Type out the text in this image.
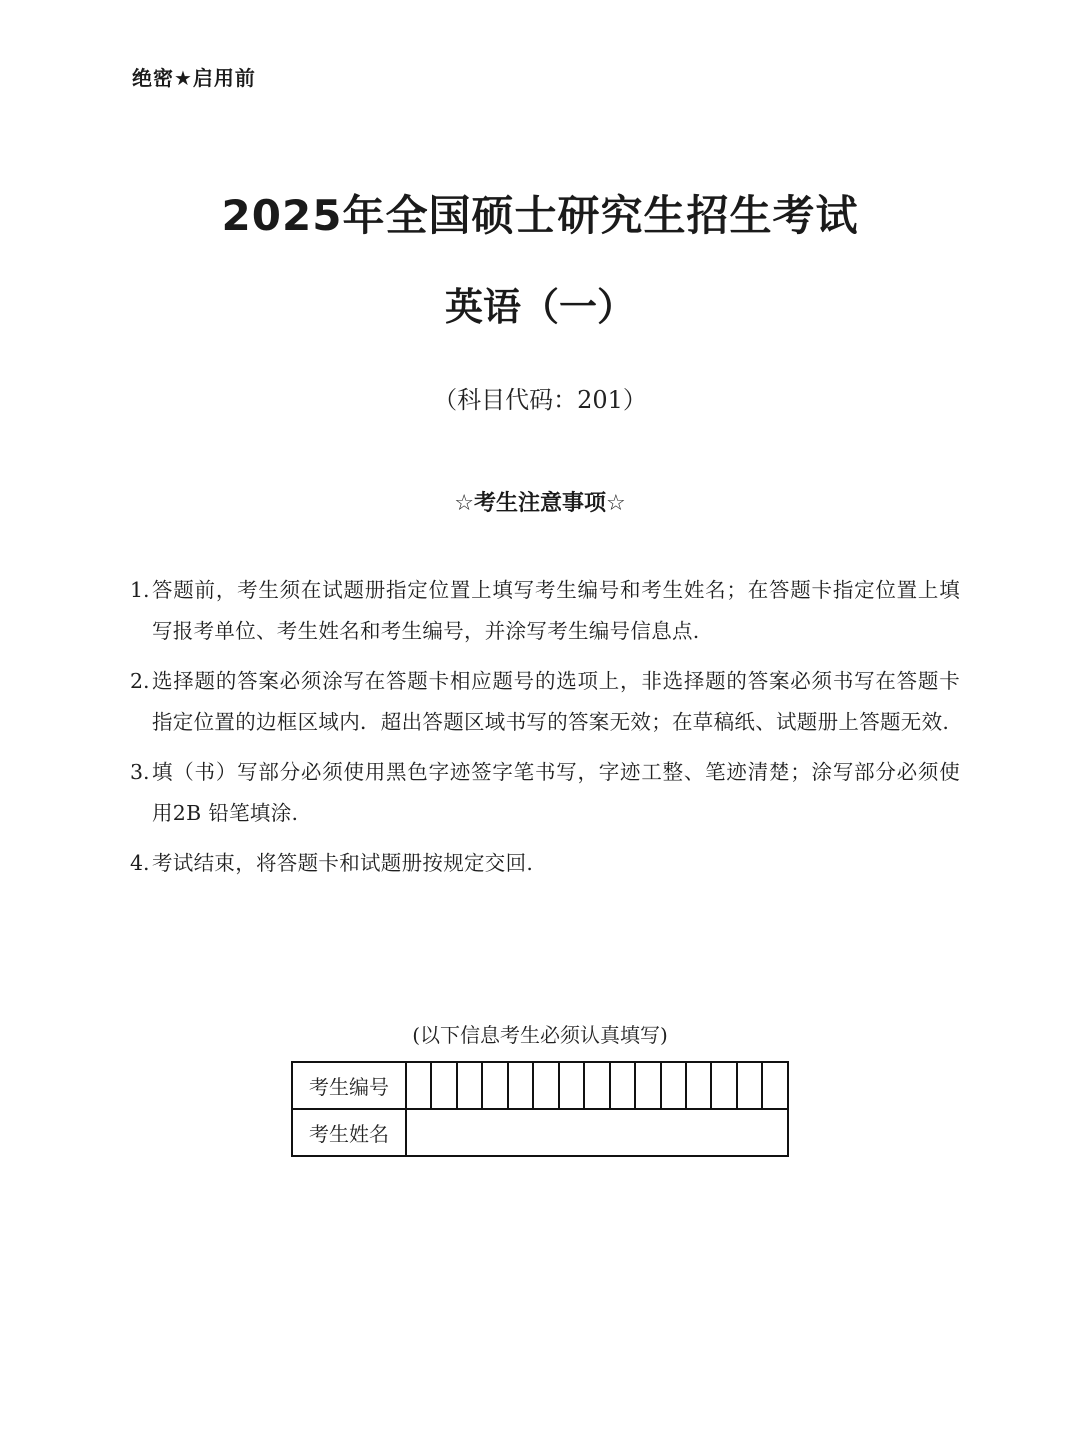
绝密★启用前
2025年全国硕士研究生招生考试
英语（一）
（科目代码：201）
☆考生注意事项☆
1. 答题前，考生须在试题册指定位置上填写考生编号和考生姓名；在答题卡指定位置上填写报考单位、考生姓名和考生编号，并涂写考生编号信息点.
2. 选择题的答案必须涂写在答题卡相应题号的选项上，非选择题的答案必须书写在答题卡指定位置的边框区域内．超出答题区域书写的答案无效；在草稿纸、试题册上答题无效.
3. 填（书）写部分必须使用黑色字迹签字笔书写，字迹工整、笔迹清楚；涂写部分必须使用2B 铅笔填涂.
4. 考试结束，将答题卡和试题册按规定交回.
(以下信息考生必须认真填写)
考生编号															
考生姓名															
